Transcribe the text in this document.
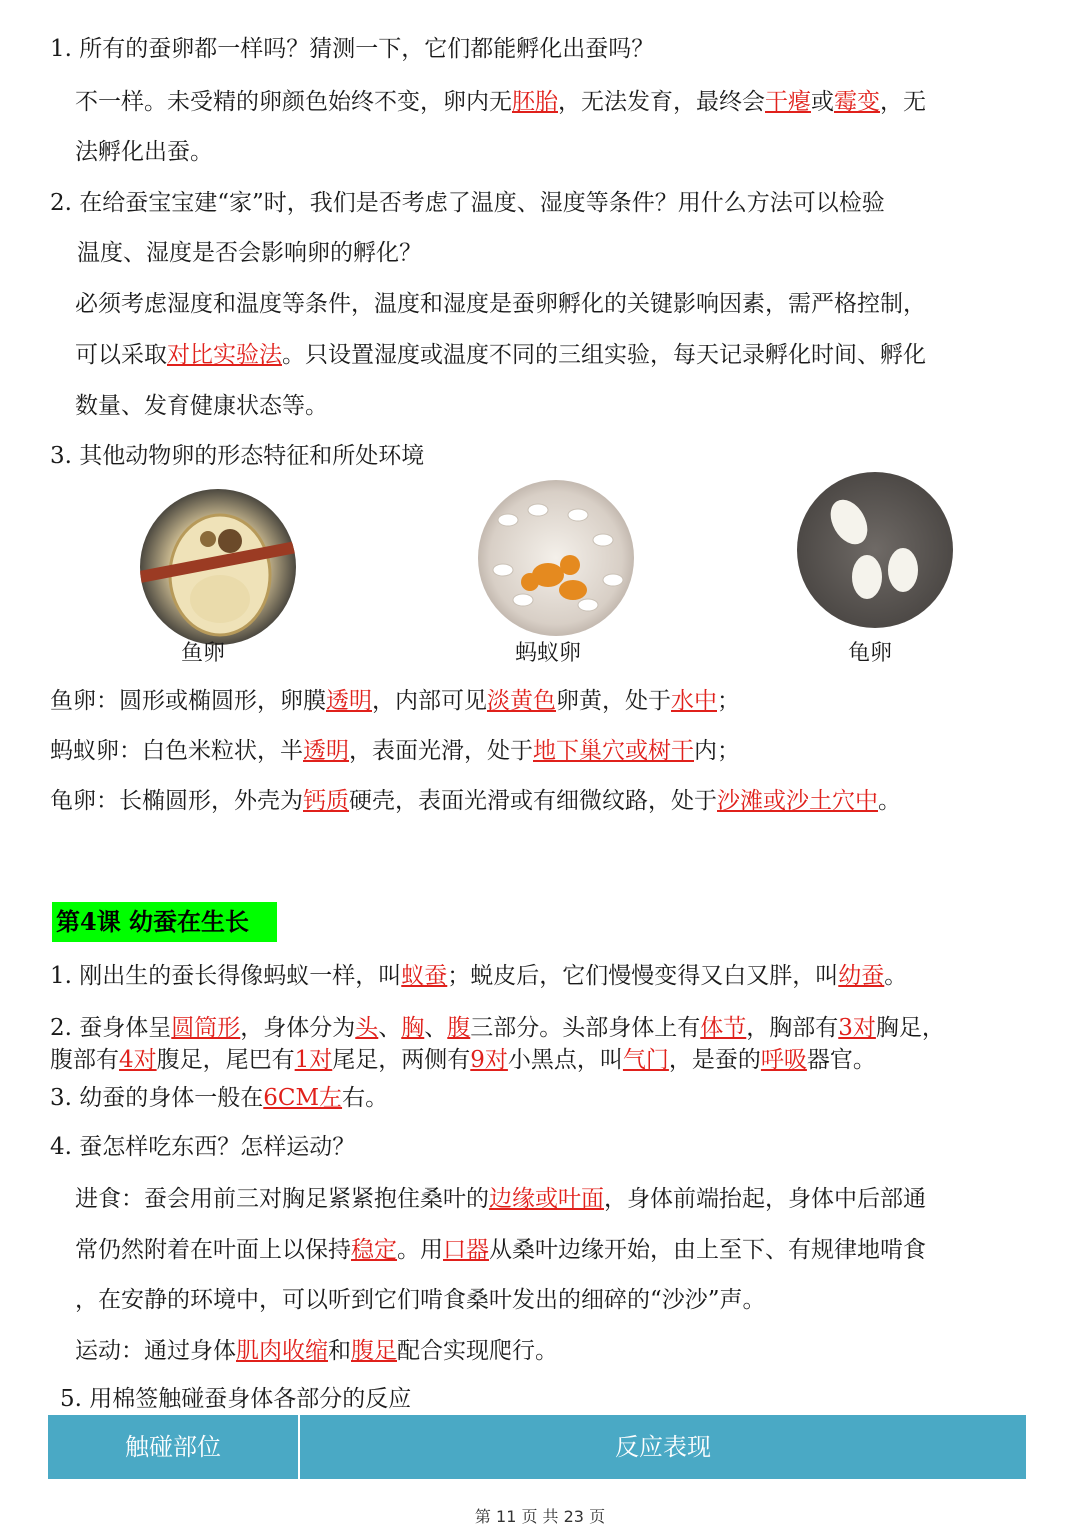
1. 所有的蚕卵都一样吗？猜测一下，它们都能孵化出蚕吗？
不一样。未受精的卵颜色始终不变，卵内无胚胎，无法发育，最终会干瘪或霉变，无
法孵化出蚕。
2. 在给蚕宝宝建“家”时，我们是否考虑了温度、湿度等条件？用什么方法可以检验
温度、湿度是否会影响卵的孵化？
必须考虑湿度和温度等条件，温度和湿度是蚕卵孵化的关键影响因素，需严格控制，
可以采取对比实验法。只设置湿度或温度不同的三组实验，每天记录孵化时间、孵化
数量、发育健康状态等。
3. 其他动物卵的形态特征和所处环境
鱼卵	蚂蚁卵	龟卵
鱼卵：圆形或椭圆形，卵膜透明，内部可见淡黄色卵黄，处于水中；
蚂蚁卵：白色米粒状，半透明，表面光滑，处于地下巢穴或树干内；
龟卵：长椭圆形，外壳为钙质硬壳，表面光滑或有细微纹路，处于沙滩或沙土穴中。
第4课 幼蚕在生长
1. 刚出生的蚕长得像蚂蚁一样，叫蚁蚕；蜕皮后，它们慢慢变得又白又胖，叫幼蚕。
2. 蚕身体呈圆筒形，身体分为头、胸、腹三部分。头部身体上有体节，胸部有3对胸足，
腹部有4对腹足，尾巴有1对尾足，两侧有9对小黑点，叫气门，是蚕的呼吸器官。
3. 幼蚕的身体一般在6CM左右。
4. 蚕怎样吃东西？怎样运动？
进食：蚕会用前三对胸足紧紧抱住桑叶的边缘或叶面，身体前端抬起，身体中后部通
常仍然附着在叶面上以保持稳定。用口器从桑叶边缘开始，由上至下、有规律地啃食
，在安静的环境中，可以听到它们啃食桑叶发出的细碎的“沙沙”声。
运动：通过身体肌肉收缩和腹足配合实现爬行。
5. 用棉签触碰蚕身体各部分的反应
触碰部位	反应表现
第 11 页 共 23 页
